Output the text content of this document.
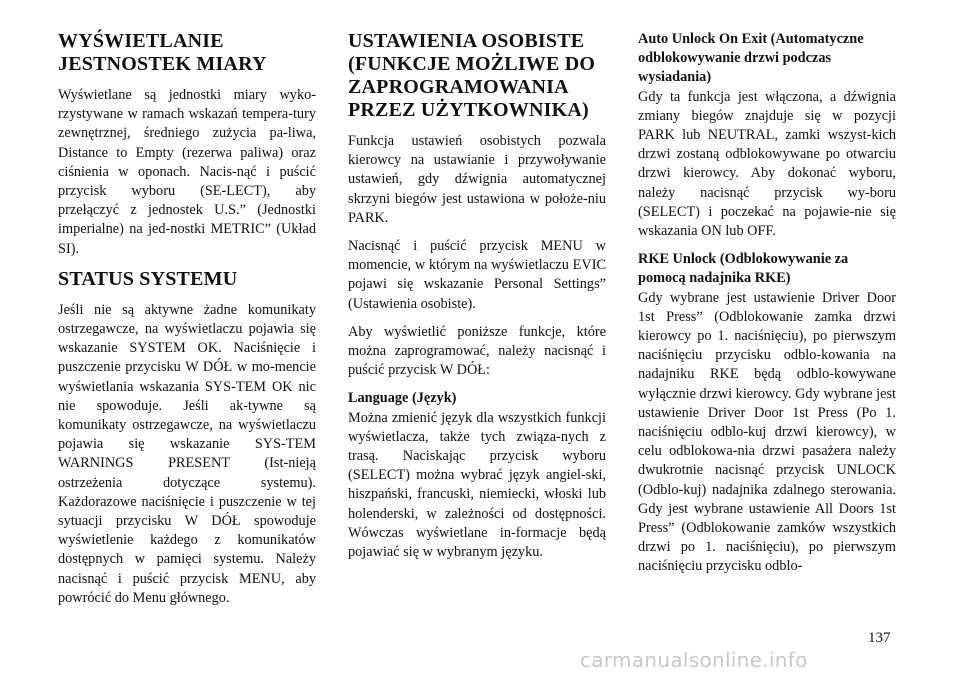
WYŚWIETLANIE JESTNOSTEK MIARY

Wyświetlane są jednostki miary wyko-rzystywane w ramach wskazań tempera-tury zewnętrznej, średniego zużycia pa-liwa, Distance to Empty (rezerwa paliwa) oraz ciśnienia w oponach. Nacis-nąć i puścić przycisk wyboru (SE-LECT), aby przełączyć z jednostek U.S.” (Jednostki imperialne) na jed-nostki METRIC” (Układ SI).

STATUS SYSTEMU

Jeśli nie są aktywne żadne komunikaty ostrzegawcze, na wyświetlaczu pojawia się wskazanie SYSTEM OK. Naciśnięcie i puszczenie przycisku W DÓŁ w mo-mencie wyświetlania wskazania SYS-TEM OK nic nie spowoduje. Jeśli ak-tywne są komunikaty ostrzegawcze, na wyświetlaczu pojawia się wskazanie SYS-TEM WARNINGS PRESENT (Ist-nieją ostrzeżenia dotyczące systemu). Każdorazowe naciśnięcie i puszczenie w tej sytuacji przycisku W DÓŁ spowoduje wyświetlenie każdego z komunikatów dostępnych w pamięci systemu. Należy nacisnąć i puścić przycisk MENU, aby powrócić do Menu głównego.

USTAWIENIA OSOBISTE (FUNKCJE MOŻLIWE DO ZAPROGRAMOWANIA PRZEZ UŻYTKOWNIKA)

Funkcja ustawień osobistych pozwala kierowcy na ustawianie i przywoływanie ustawień, gdy dźwignia automatycznej skrzyni biegów jest ustawiona w położe-niu PARK.

Nacisnąć i puścić przycisk MENU w momencie, w którym na wyświetlaczu EVIC pojawi się wskazanie Personal Settings” (Ustawienia osobiste).

Aby wyświetlić poniższe funkcje, które można zaprogramować, należy nacisnąć i puścić przycisk W DÓŁ:

Language (Język)

Można zmienić język dla wszystkich funkcji wyświetlacza, także tych związa-nych z trasą. Naciskając przycisk wyboru (SELECT) można wybrać język angiel-ski, hiszpański, francuski, niemiecki, włoski lub holenderski, w zależności od dostępności. Wówczas wyświetlane in-formacje będą pojawiać się w wybranym języku.

Auto Unlock On Exit (Automatyczne odblokowywanie drzwi podczas wysiadania)

Gdy ta funkcja jest włączona, a dźwignia zmiany biegów znajduje się w pozycji PARK lub NEUTRAL, zamki wszyst-kich drzwi zostaną odblokowywane po otwarciu drzwi kierowcy. Aby dokonać wyboru, należy nacisnąć przycisk wy-boru (SELECT) i poczekać na pojawie-nie się wskazania ON lub OFF.

RKE Unlock (Odblokowywanie za pomocą nadajnika RKE)

Gdy wybrane jest ustawienie Driver Door 1st Press” (Odblokowanie zamka drzwi kierowcy po 1. naciśnięciu), po pierwszym naciśnięciu przycisku odblo-kowania na nadajniku RKE będą odblo-kowywane wyłącznie drzwi kierowcy. Gdy wybrane jest ustawienie Driver Door 1st Press (Po 1. naciśnięciu odblo-kuj drzwi kierowcy), w celu odblokowa-nia drzwi pasażera należy dwukrotnie nacisnąć przycisk UNLOCK (Odblo-kuj) nadajnika zdalnego sterowania. Gdy jest wybrane ustawienie All Doors 1st Press” (Odblokowanie zamków wszystkich drzwi po 1. naciśnięciu), po pierwszym naciśnięciu przycisku odblo-

137
carmanualsonline.info
